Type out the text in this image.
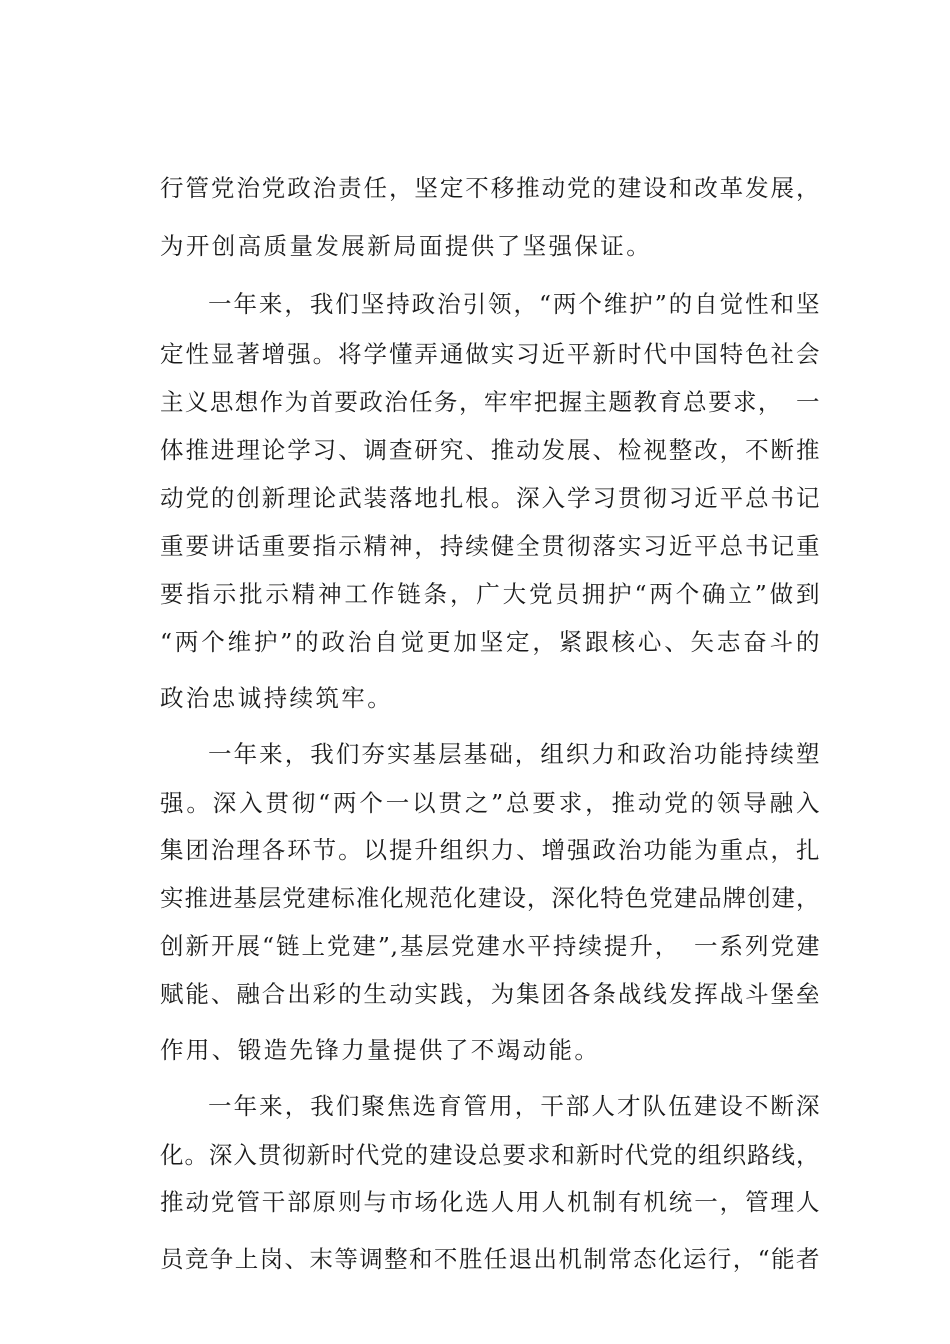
行管党治党政治责任，坚定不移推动党的建设和改革发展，
为开创高质量发展新局面提供了坚强保证。
一年来，我们坚持政治引领，“两个维护”的自觉性和坚
定性显著增强。将学懂弄通做实习近平新时代中国特色社会
主义思想作为首要政治任务，牢牢把握主题教育总要求，　一
体推进理论学习、调查研究、推动发展、检视整改，不断推
动党的创新理论武装落地扎根。深入学习贯彻习近平总书记
重要讲话重要指示精神，持续健全贯彻落实习近平总书记重
要指示批示精神工作链条，广大党员拥护“两个确立”做到
“两个维护”的政治自觉更加坚定，紧跟核心、矢志奋斗的
政治忠诚持续筑牢。
一年来，我们夯实基层基础，组织力和政治功能持续塑
强。深入贯彻“两个一以贯之”总要求，推动党的领导融入
集团治理各环节。以提升组织力、增强政治功能为重点，扎
实推进基层党建标准化规范化建设，深化特色党建品牌创建，
创新开展“链上党建”,基层党建水平持续提升，　一系列党建
赋能、融合出彩的生动实践，为集团各条战线发挥战斗堡垒
作用、锻造先锋力量提供了不竭动能。
一年来，我们聚焦选育管用，干部人才队伍建设不断深
化。深入贯彻新时代党的建设总要求和新时代党的组织路线，
推动党管干部原则与市场化选人用人机制有机统一，管理人
员竞争上岗、末等调整和不胜任退出机制常态化运行，“能者
